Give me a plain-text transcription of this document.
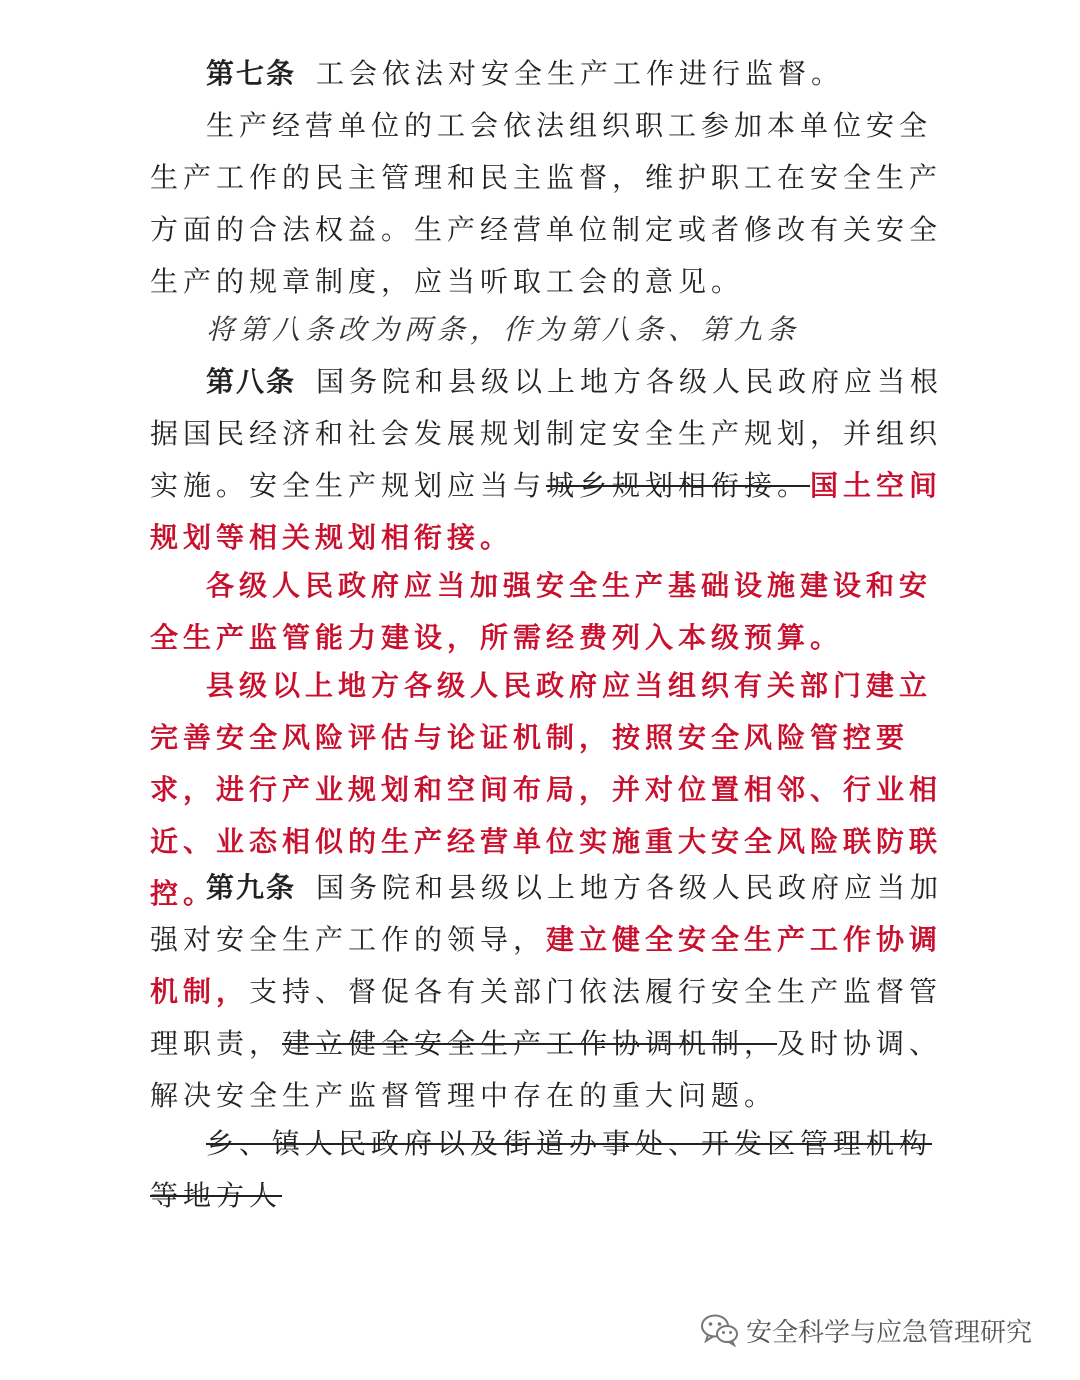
第七条 工会依法对安全生产工作进行监督。

生产经营单位的工会依法组织职工参加本单位安全生产工作的民主管理和民主监督，维护职工在安全生产方面的合法权益。生产经营单位制定或者修改有关安全生产的规章制度，应当听取工会的意见。

将第八条改为两条，作为第八条、第九条

第八条 国务院和县级以上地方各级人民政府应当根据国民经济和社会发展规划制定安全生产规划，并组织实施。安全生产规划应当与城乡规划相衔接。国土空间规划等相关规划相衔接。

各级人民政府应当加强安全生产基础设施建设和安全生产监管能力建设，所需经费列入本级预算。

县级以上地方各级人民政府应当组织有关部门建立完善安全风险评估与论证机制，按照安全风险管控要求，进行产业规划和空间布局，并对位置相邻、行业相近、业态相似的生产经营单位实施重大安全风险联防联控。

第九条 国务院和县级以上地方各级人民政府应当加强对安全生产工作的领导，建立健全安全生产工作协调机制，支持、督促各有关部门依法履行安全生产监督管理职责，建立健全安全生产工作协调机制，及时协调、解决安全生产监督管理中存在的重大问题。

乡、镇人民政府以及街道办事处、开发区管理机构等地方人

安全科学与应急管理研究
